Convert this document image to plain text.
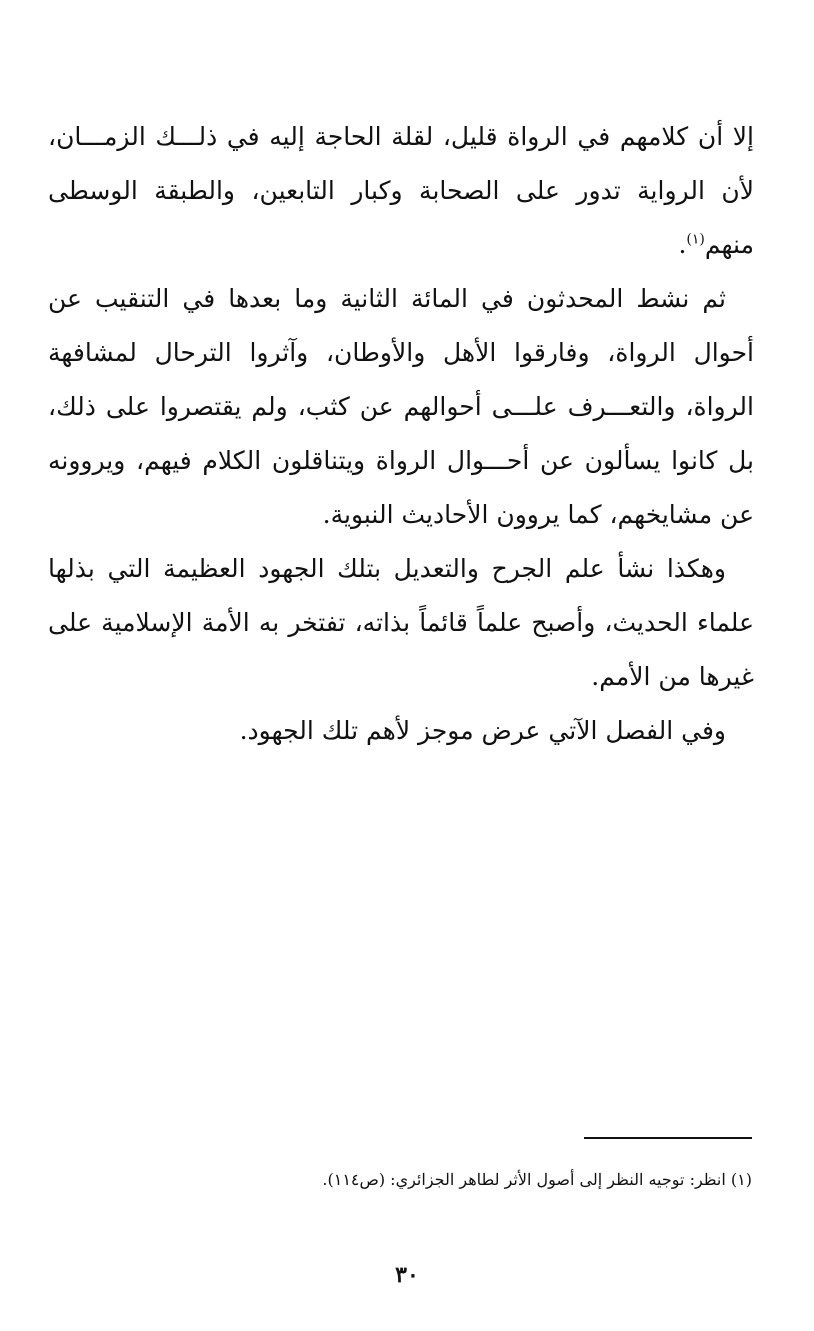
إلا أن كلامهم في الرواة قليل، لقلة الحاجة إليه في ذلـــك الزمـــان، لأن الرواية تدور على الصحابة وكبار التابعين، والطبقة الوسطى منهم$^{(١)}$.

ثم نشط المحدثون في المائة الثانية وما بعدها في التنقيب عن أحوال الرواة، وفارقوا الأهل والأوطان، وآثروا الترحال لمشافهة الرواة، والتعـــرف علـــى أحوالهم عن كثب، ولم يقتصروا على ذلك، بل كانوا يسألون عن أحـــوال الرواة ويتناقلون الكلام فيهم، ويروونه عن مشايخهم، كما يروون الأحاديث النبوية.

وهكذا نشأ علم الجرح والتعديل بتلك الجهود العظيمة التي بذلها علماء الحديث، وأصبح علماً قائماً بذاته، تفتخر به الأمة الإسلامية على غيرها من الأمم.

وفي الفصل الآتي عرض موجز لأهم تلك الجهود.

(١) انظر: توجيه النظر إلى أصول الأثر لطاهر الجزائري: (ص١١٤).
٣٠
